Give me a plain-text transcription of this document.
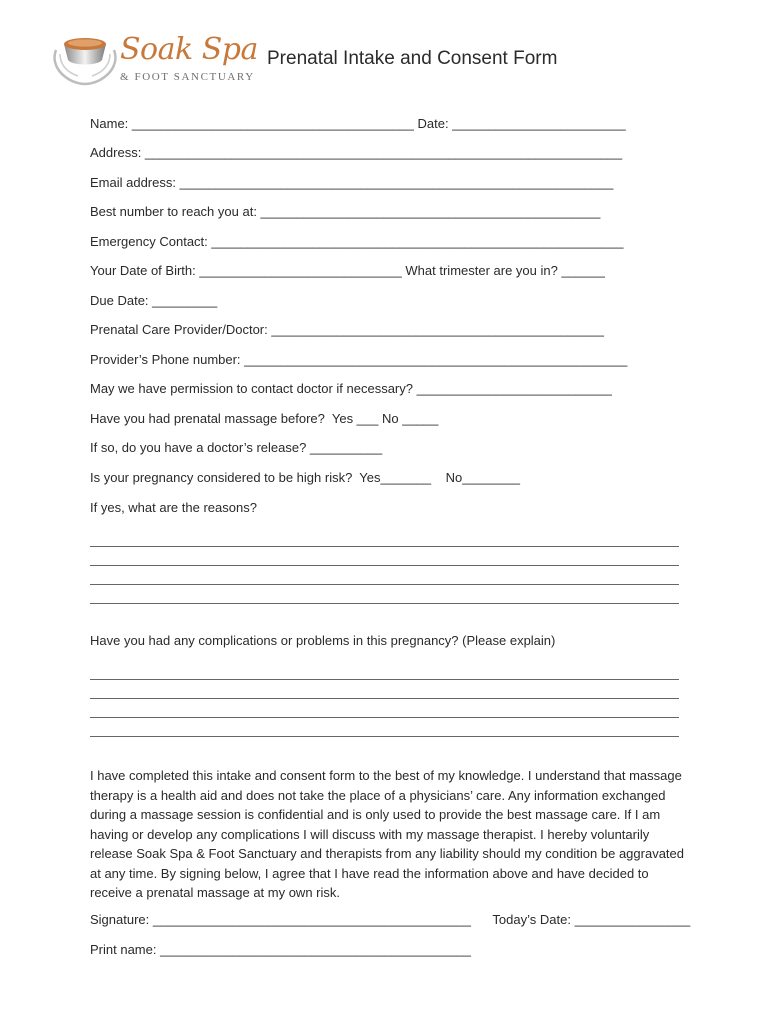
Soak Spa
& FOOT SANCTUARY
Prenatal Intake and Consent Form
Name: _______________________________________ Date: ________________________
Address: __________________________________________________________________
Email address: ____________________________________________________________
Best number to reach you at: _______________________________________________
Emergency Contact: _________________________________________________________
Your Date of Birth: ____________________________ What trimester are you in? ______
Due Date: _________
Prenatal Care Provider/Doctor: ______________________________________________
Provider’s Phone number: _____________________________________________________
May we have permission to contact doctor if necessary? ___________________________
Have you had prenatal massage before?  Yes ___ No _____
If so, do you have a doctor’s release? __________
Is your pregnancy considered to be high risk?  Yes_______    No________
If yes, what are the reasons?
Have you had any complications or problems in this pregnancy? (Please explain)
I have completed this intake and consent form to the best of my knowledge. I understand that massage therapy is a health aid and does not take the place of a physicians’ care. Any information exchanged during a massage session is confidential and is only used to provide the best massage care. If I am having or develop any complications I will discuss with my massage therapist. I hereby voluntarily release Soak Spa & Foot Sanctuary and therapists from any liability should my condition be aggravated at any time. By signing below, I agree that I have read the information above and have decided to receive a prenatal massage at my own risk.
Signature: ____________________________________________      Today’s Date: ________________
Print name: ___________________________________________
